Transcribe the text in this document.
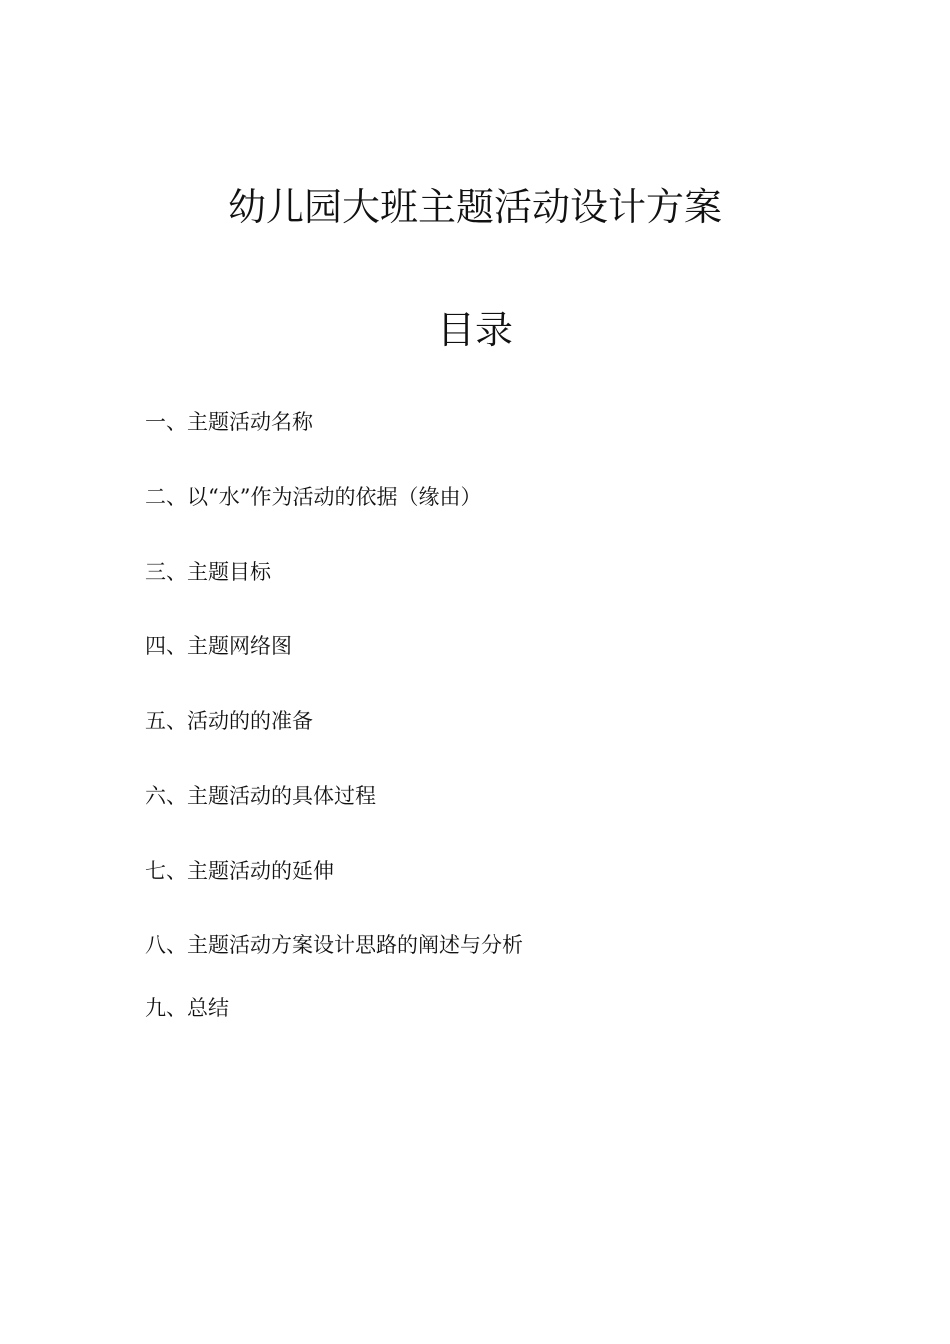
幼儿园大班主题活动设计方案
目录
一、主题活动名称
二、以“水”作为活动的依据（缘由）
三、主题目标
四、主题网络图
五、活动的的准备
六、主题活动的具体过程
七、主题活动的延伸
八、主题活动方案设计思路的阐述与分析
九、总结
